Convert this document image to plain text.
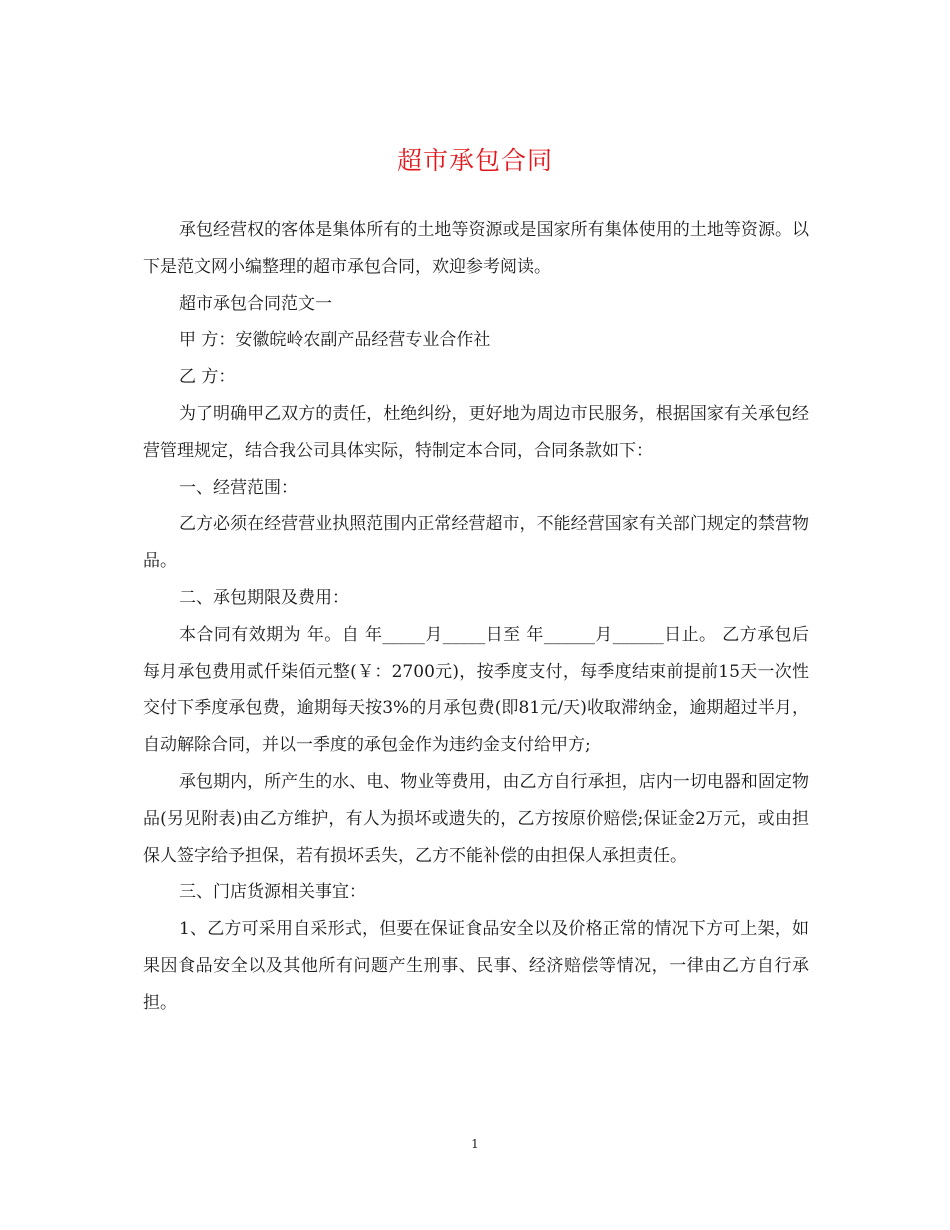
超市承包合同

承包经营权的客体是集体所有的土地等资源或是国家所有集体使用的土地等资源。以下是范文网小编整理的超市承包合同，欢迎参考阅读。

超市承包合同范文一

甲 方：安徽皖岭农副产品经营专业合作社

乙 方：

为了明确甲乙双方的责任，杜绝纠纷，更好地为周边市民服务，根据国家有关承包经营管理规定，结合我公司具体实际，特制定本合同，合同条款如下：

一、经营范围：

乙方必须在经营营业执照范围内正常经营超市，不能经营国家有关部门规定的禁营物品。

二、承包期限及费用：

本合同有效期为 年。自 年_____月_____日至 年______月______日止。 乙方承包后每月承包费用贰仟柒佰元整(￥：2700元)，按季度支付，每季度结束前提前15天一次性交付下季度承包费，逾期每天按3%的月承包费(即81元/天)收取滞纳金，逾期超过半月，自动解除合同，并以一季度的承包金作为违约金支付给甲方;

承包期内，所产生的水、电、物业等费用，由乙方自行承担，店内一切电器和固定物品(另见附表)由乙方维护，有人为损坏或遗失的，乙方按原价赔偿;保证金2万元，或由担保人签字给予担保，若有损坏丢失，乙方不能补偿的由担保人承担责任。

三、门店货源相关事宜：

1、乙方可采用自采形式，但要在保证食品安全以及价格正常的情况下方可上架，如果因食品安全以及其他所有问题产生刑事、民事、经济赔偿等情况，一律由乙方自行承担。

1
